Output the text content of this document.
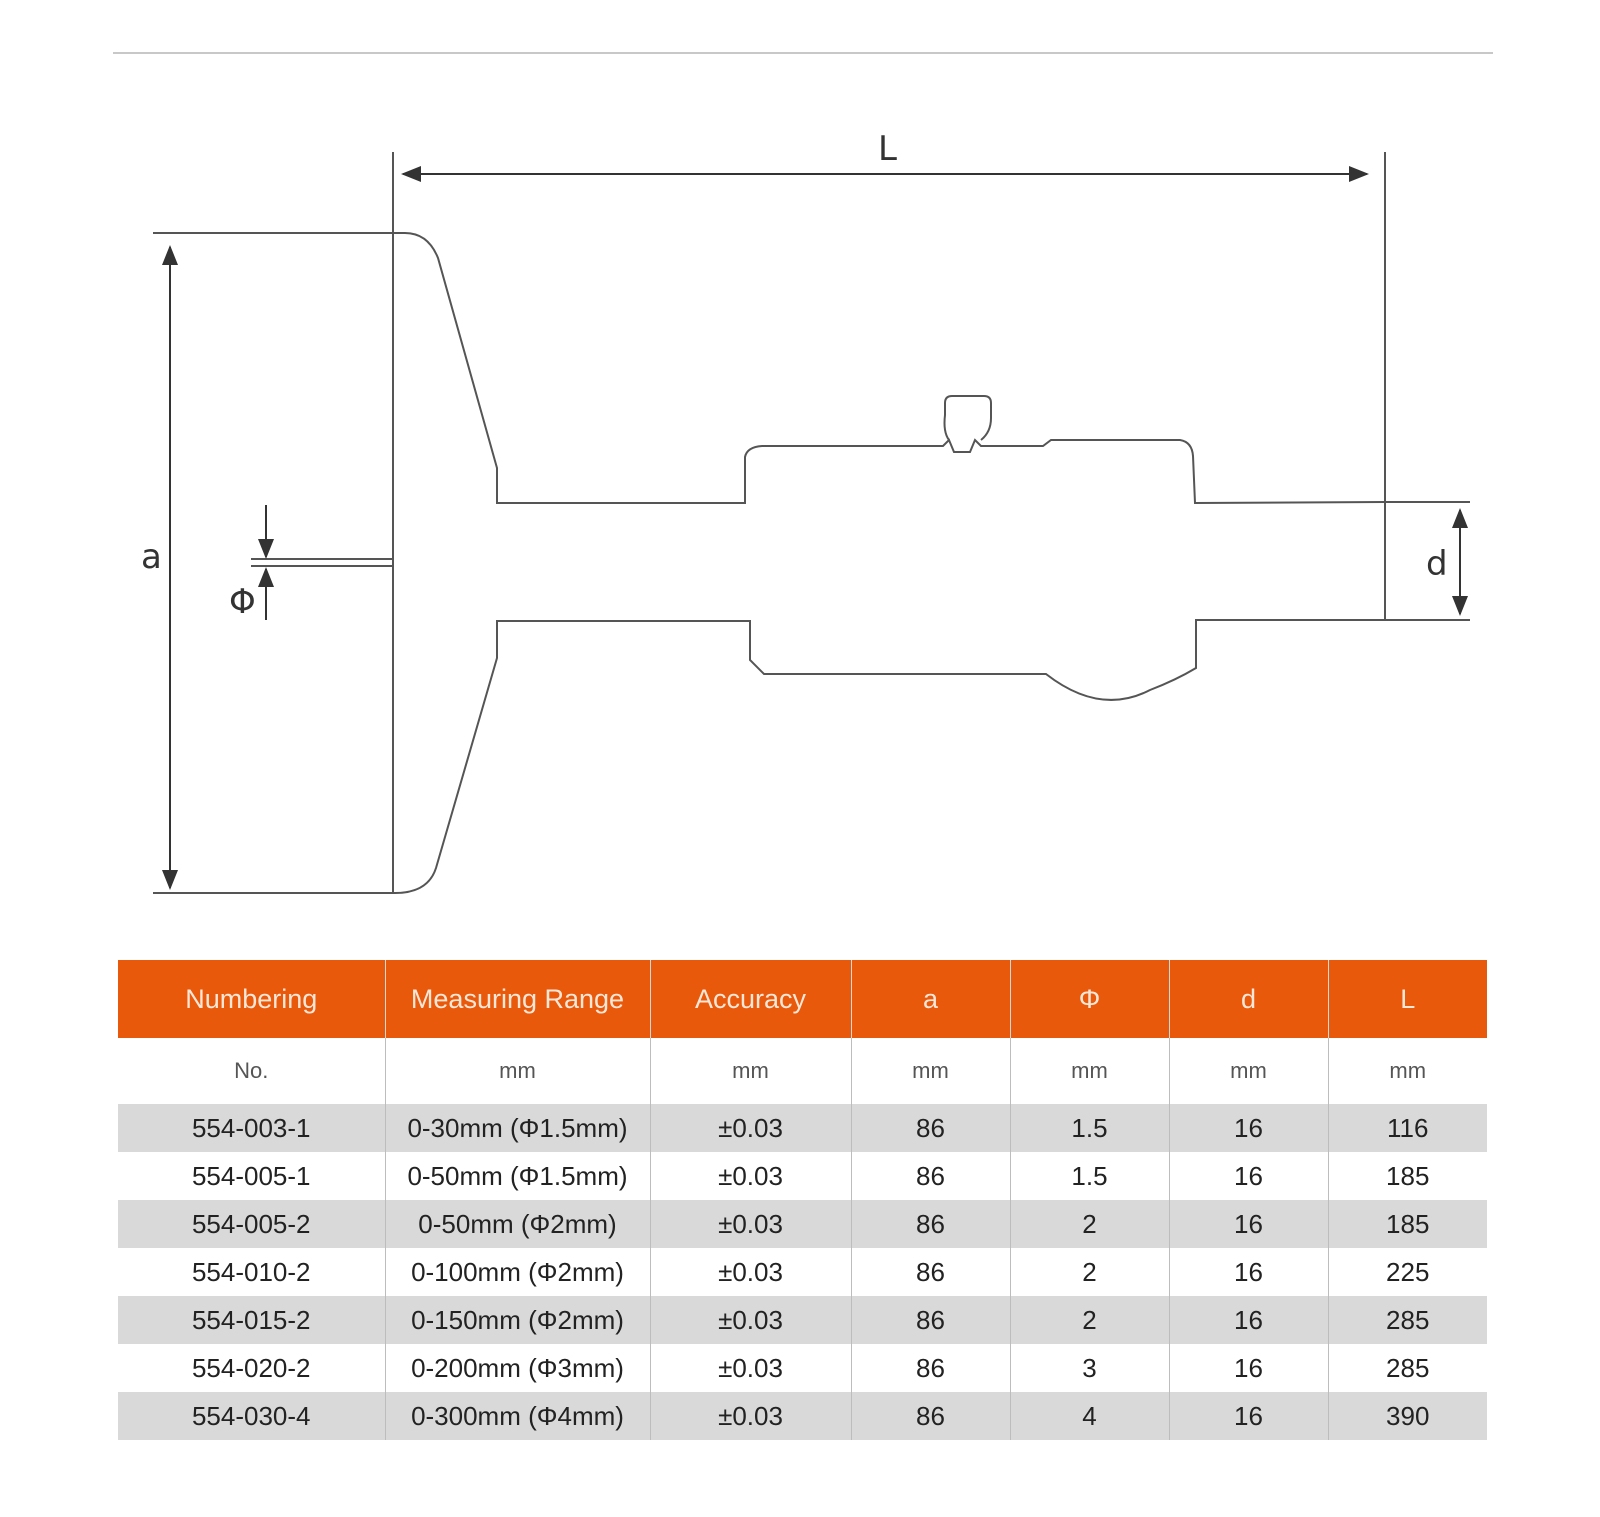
L
a
Φ
d
Numbering	Measuring Range	Accuracy	a	Φ	d	L
No.	mm	mm	mm	mm	mm	mm
554-003-1	0-30mm (Φ1.5mm)	±0.03	86	1.5	16	116
554-005-1	0-50mm (Φ1.5mm)	±0.03	86	1.5	16	185
554-005-2	0-50mm (Φ2mm)	±0.03	86	2	16	185
554-010-2	0-100mm (Φ2mm)	±0.03	86	2	16	225
554-015-2	0-150mm (Φ2mm)	±0.03	86	2	16	285
554-020-2	0-200mm (Φ3mm)	±0.03	86	3	16	285
554-030-4	0-300mm (Φ4mm)	±0.03	86	4	16	390
